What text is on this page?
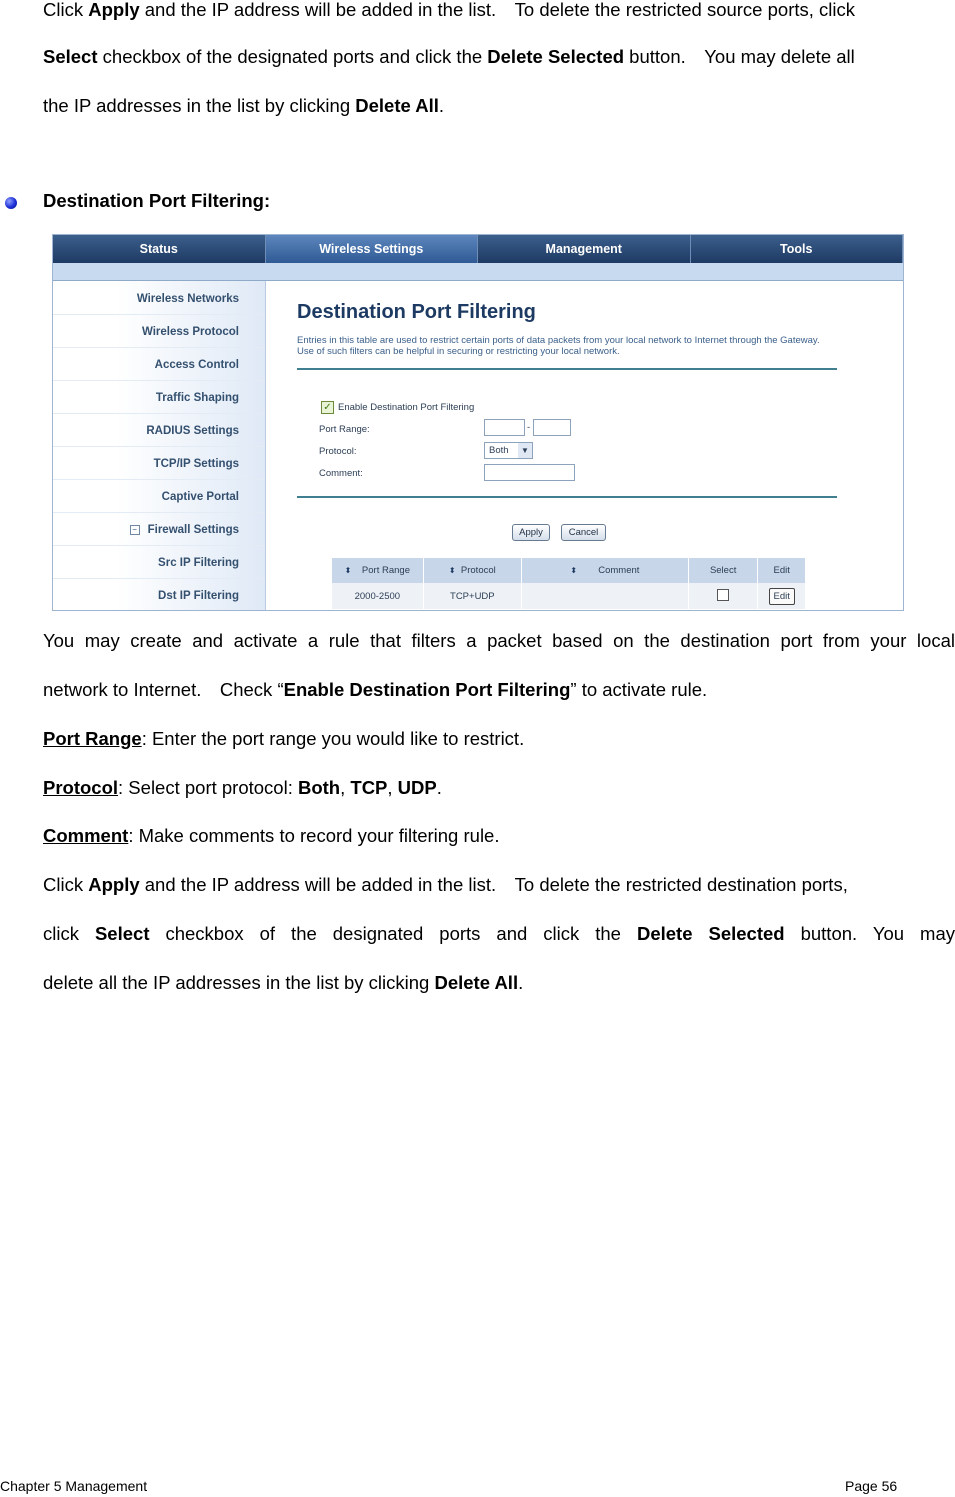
Click Apply and the IP address will be added in the list. To delete the restricted source ports, click

Select checkbox of the designated ports and click the Delete Selected button. You may delete all

the IP addresses in the list by clicking Delete All.

Destination Port Filtering:
Status	Wireless Settings	Management	Tools
Wireless Networks
Wireless Protocol
Access Control
Traffic Shaping
RADIUS Settings
TCP/IP Settings
Captive Portal
− Firewall Settings
Src IP Filtering
Dst IP Filtering
Destination Port Filtering
Entries in this table are used to restrict certain ports of data packets from your local network to Internet through the Gateway. Use of such filters can be helpful in securing or restricting your local network.
✓ Enable Destination Port Filtering
Port Range:	-
Protocol:	Both	▼
Comment:
Apply	Cancel
⬍ Port Range	⬍ Protocol	⬍ Comment	Select	Edit
2000-2500	TCP+UDP			Edit

You may create and activate a rule that filters a packet based on the destination port from your local

network to Internet. Check “Enable Destination Port Filtering” to activate rule.

Port Range: Enter the port range you would like to restrict.

Protocol: Select port protocol: Both, TCP, UDP.

Comment: Make comments to record your filtering rule.

Click Apply and the IP address will be added in the list. To delete the restricted destination ports,

click Select checkbox of the designated ports and click the Delete Selected button. You may

delete all the IP addresses in the list by clicking Delete All.

Chapter 5 Management	Page 56
